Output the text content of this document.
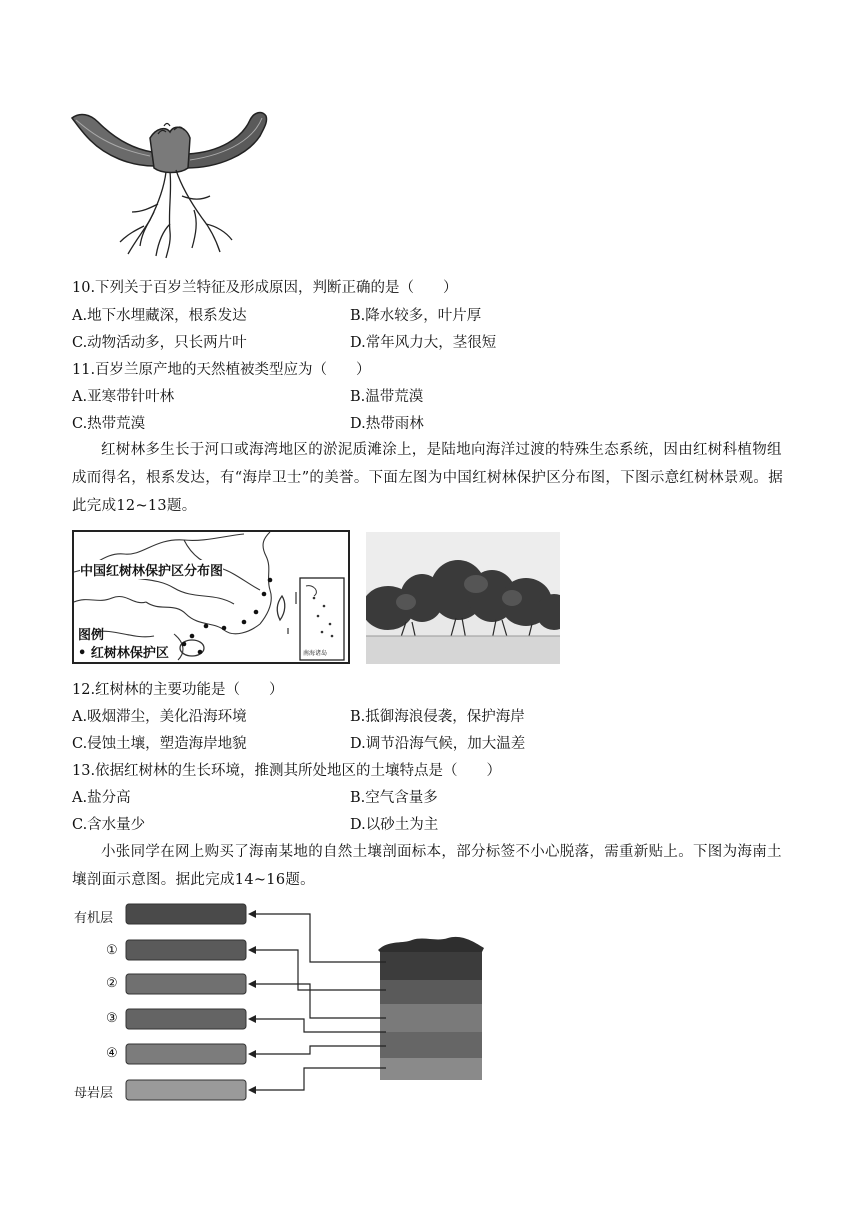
10.下列关于百岁兰特征及形成原因，判断正确的是（　　）
A.地下水埋藏深，根系发达	B.降水较多，叶片厚
C.动物活动多，只长两片叶	D.常年风力大，茎很短
11.百岁兰原产地的天然植被类型应为（　　）
A.亚寒带针叶林	B.温带荒漠
C.热带荒漠	D.热带雨林
红树林多生长于河口或海湾地区的淤泥质滩涂上，是陆地向海洋过渡的特殊生态系统，因由红树科植物组成而得名，根系发达，有“海岸卫士”的美誉。下面左图为中国红树林保护区分布图，下图示意红树林景观。据此完成12~13题。
中国红树林保护区分布图
图例
• 红树林保护区	南海诸岛
12.红树林的主要功能是（　　）
A.吸烟滞尘，美化沿海环境	B.抵御海浪侵袭，保护海岸
C.侵蚀土壤，塑造海岸地貌	D.调节沿海气候，加大温差
13.依据红树林的生长环境，推测其所处地区的土壤特点是（　　）
A.盐分高	B.空气含量多
C.含水量少	D.以砂土为主
小张同学在网上购买了海南某地的自然土壤剖面标本，部分标签不小心脱落，需重新贴上。下图为海南土壤剖面示意图。据此完成14~16题。
有机层
①
②
③
④
母岩层
